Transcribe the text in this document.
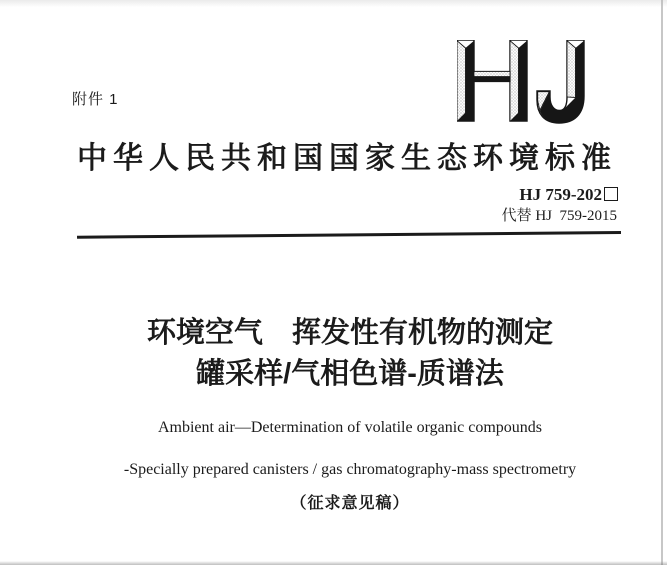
附件 1
中华人民共和国国家生态环境标准
HJ 759-202
代替 HJ  759-2015
环境空气　挥发性有机物的测定
罐采样/气相色谱-质谱法
Ambient air—Determination of volatile organic compounds
-Specially prepared canisters / gas chromatography-mass spectrometry
（征求意见稿）
